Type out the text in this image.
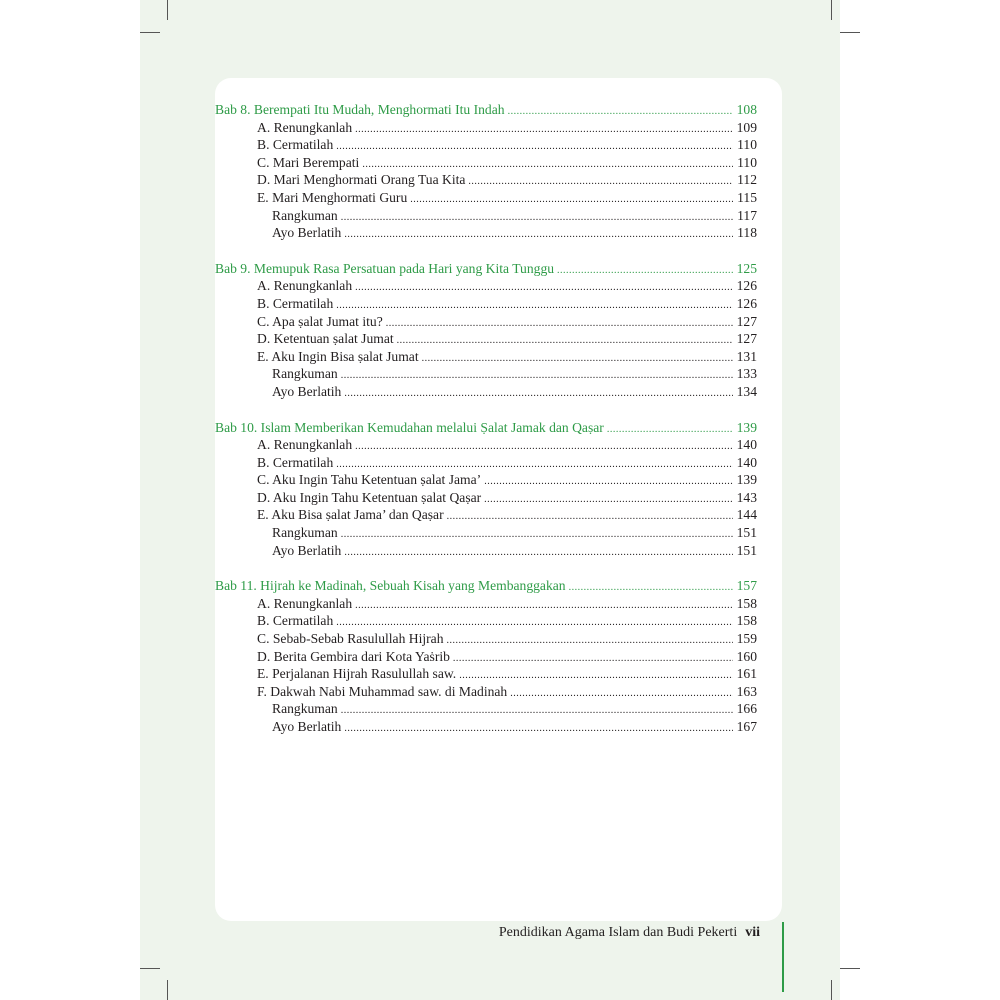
Bab 8. Berempati Itu Mudah, Menghormati Itu Indah .....	108
A. Renungkanlah .....	109
B. Cermatilah .....	110
C. Mari Berempati .....	110
D. Mari Menghormati Orang Tua Kita .....	112
E. Mari Menghormati Guru .....	115
Rangkuman .....	117
Ayo Berlatih .....	118
Bab 9. Memupuk Rasa Persatuan pada Hari yang Kita Tunggu .....	125
A. Renungkanlah .....	126
B. Cermatilah .....	126
C. Apa ṣalat Jumat itu? .....	127
D. Ketentuan ṣalat Jumat .....	127
E. Aku Ingin Bisa ṣalat Jumat .....	131
Rangkuman .....	133
Ayo Berlatih .....	134
Bab 10. Islam Memberikan Kemudahan melalui Ṣalat Jamak dan Qaṣar .....	139
A. Renungkanlah .....	140
B. Cermatilah .....	140
C. Aku Ingin Tahu Ketentuan ṣalat Jama’ .....	139
D. Aku Ingin Tahu Ketentuan ṣalat Qaṣar .....	143
E. Aku Bisa ṣalat Jama’ dan Qaṣar .....	144
Rangkuman .....	151
Ayo Berlatih .....	151
Bab 11. Hijrah ke Madinah, Sebuah Kisah yang Membanggakan .....	157
A. Renungkanlah .....	158
B. Cermatilah .....	158
C. Sebab-Sebab Rasulullah Hijrah .....	159
D. Berita Gembira dari Kota Yaṡrib .....	160
E. Perjalanan Hijrah Rasulullah saw. .....	161
F. Dakwah Nabi Muhammad saw. di Madinah .....	163
Rangkuman .....	166
Ayo Berlatih .....	167
Pendidikan Agama Islam dan Budi Pekerti vii
